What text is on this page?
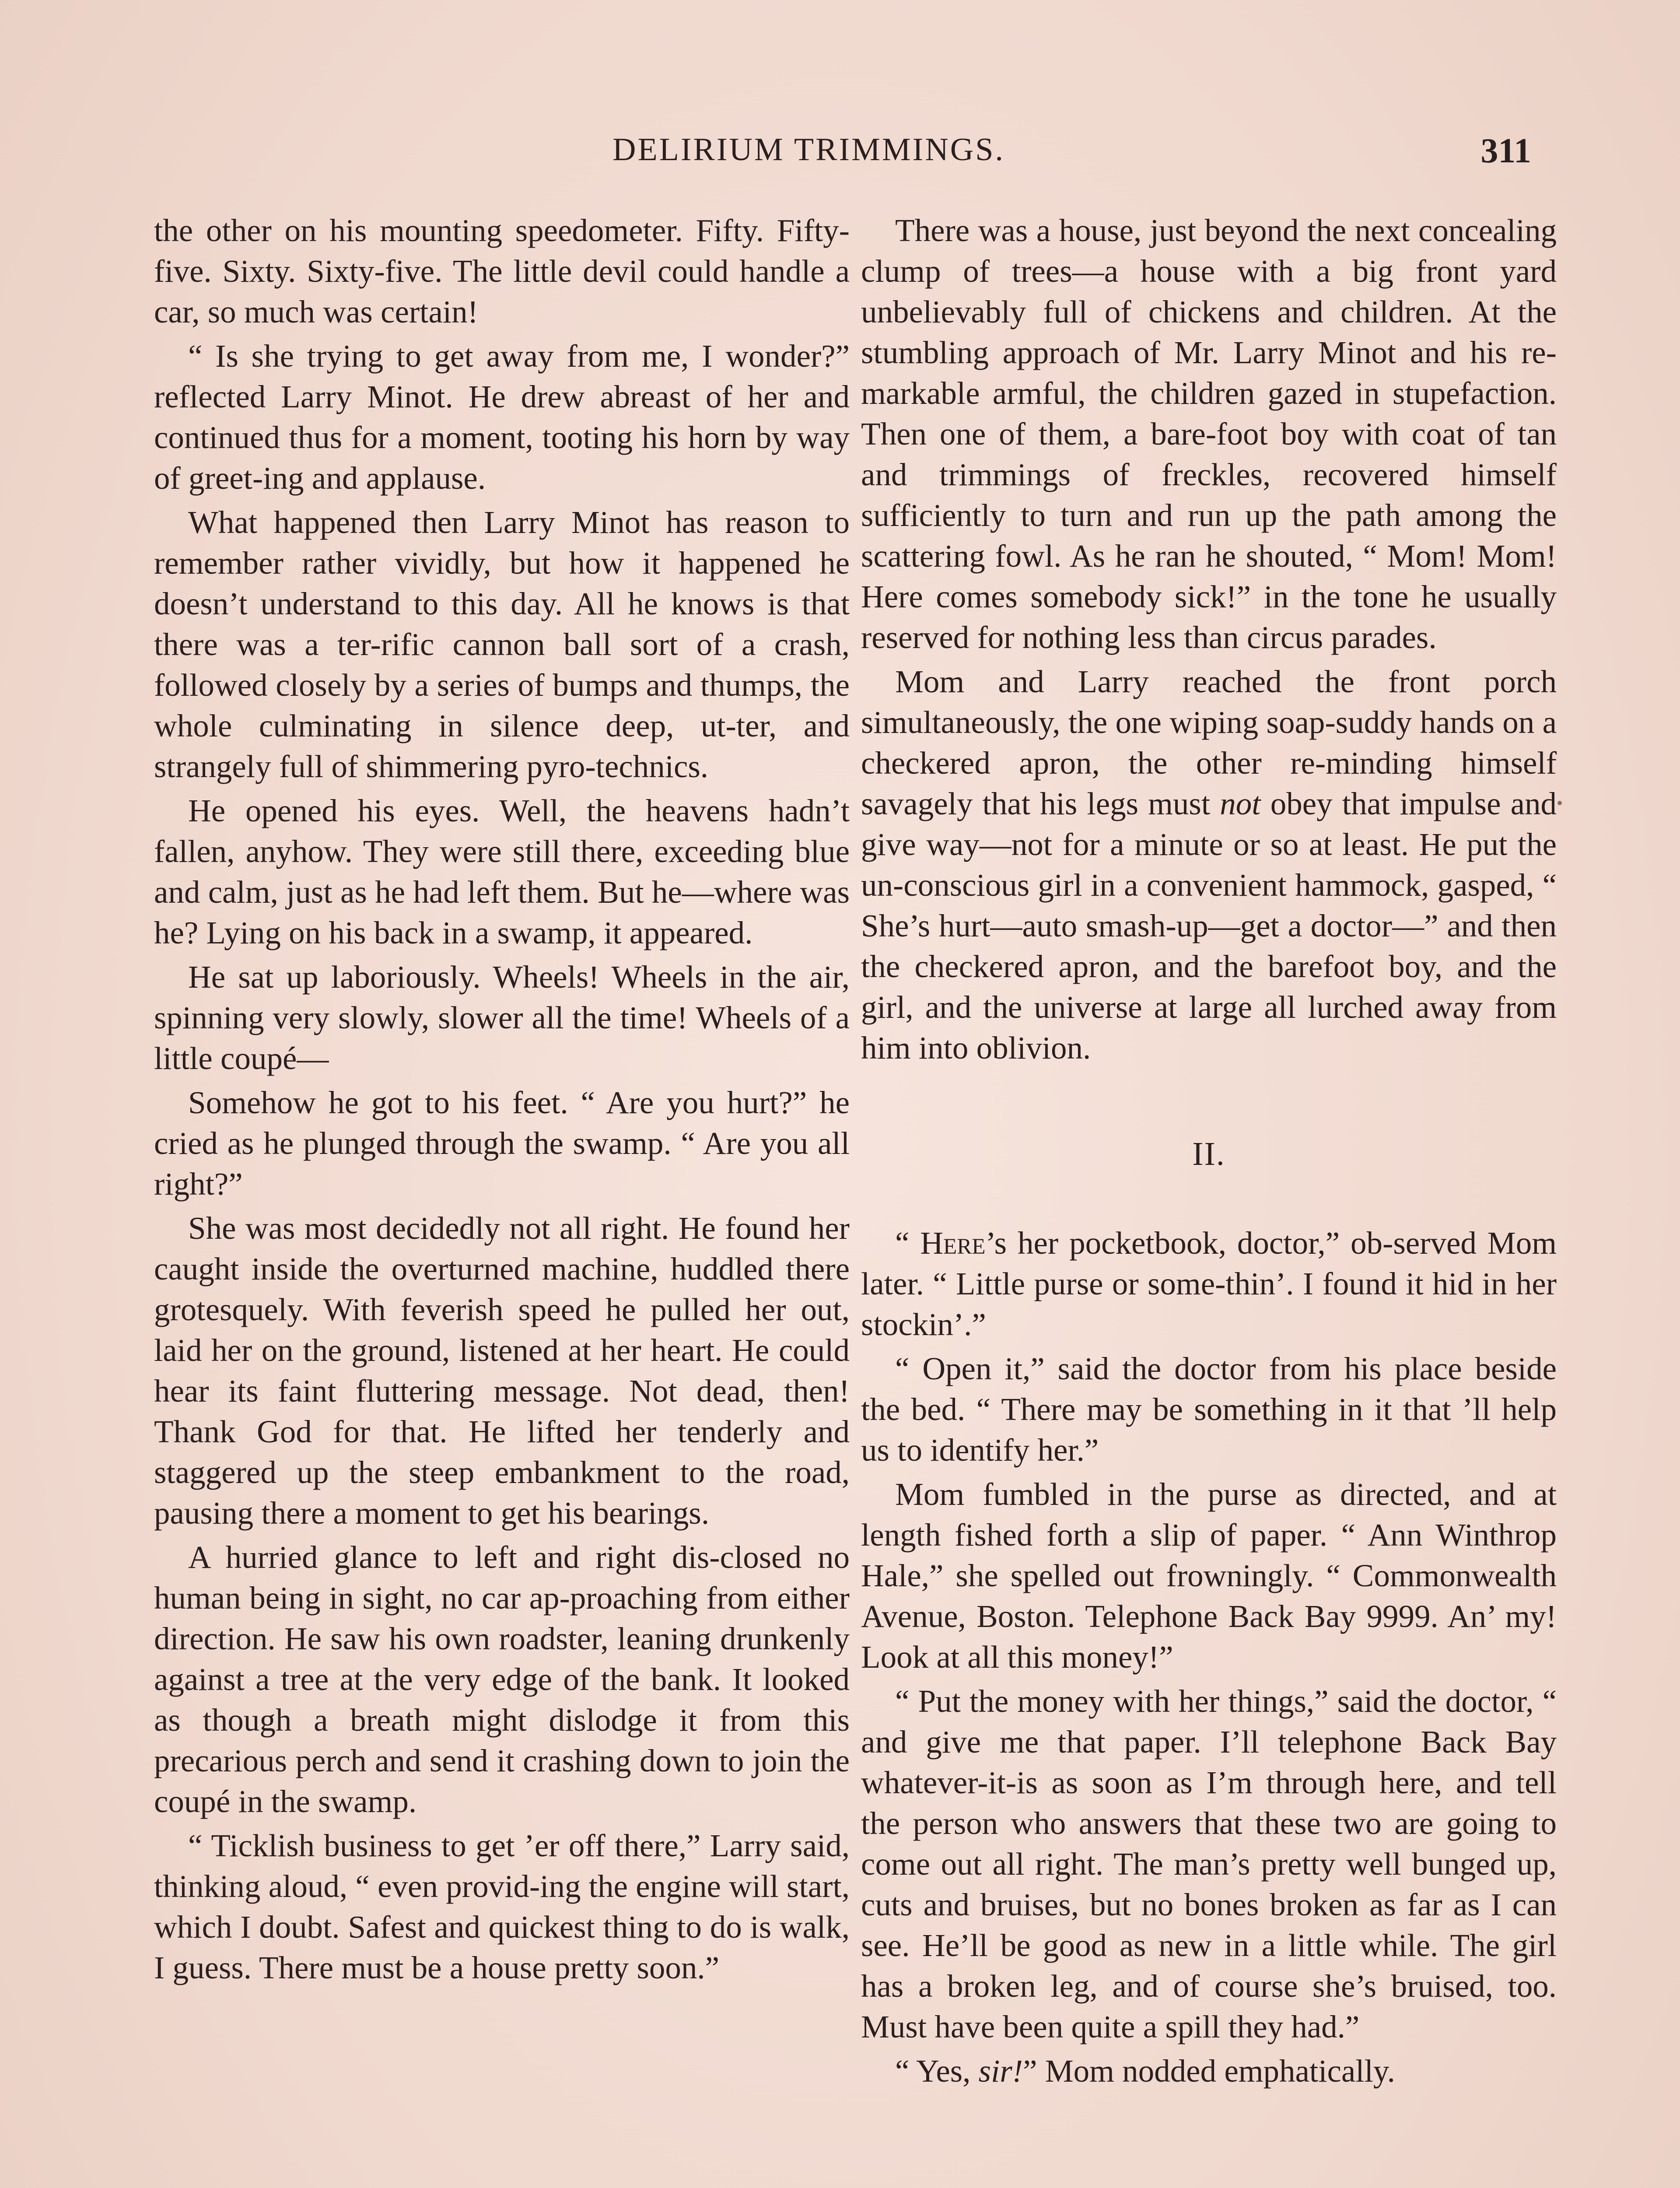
DELIRIUM TRIMMINGS.	311

the other on his mounting speedometer. Fifty. Fifty-five. Sixty. Sixty-five. The little devil could handle a car, so much was certain!

“ Is she trying to get away from me, I wonder?” reflected Larry Minot. He drew abreast of her and continued thus for a moment, tooting his horn by way of greet-ing and applause.

What happened then Larry Minot has reason to remember rather vividly, but how it happened he doesn’t understand to this day. All he knows is that there was a ter-rific cannon ball sort of a crash, followed closely by a series of bumps and thumps, the whole culminating in silence deep, ut-ter, and strangely full of shimmering pyro-technics.

He opened his eyes. Well, the heavens hadn’t fallen, anyhow. They were still there, exceeding blue and calm, just as he had left them. But he—where was he? Lying on his back in a swamp, it appeared.

He sat up laboriously. Wheels! Wheels in the air, spinning very slowly, slower all the time! Wheels of a little coupé—

Somehow he got to his feet. “ Are you hurt?” he cried as he plunged through the swamp. “ Are you all right?”

She was most decidedly not all right. He found her caught inside the overturned machine, huddled there grotesquely. With feverish speed he pulled her out, laid her on the ground, listened at her heart. He could hear its faint fluttering message. Not dead, then! Thank God for that. He lifted her tenderly and staggered up the steep embankment to the road, pausing there a moment to get his bearings.

A hurried glance to left and right dis-closed no human being in sight, no car ap-proaching from either direction. He saw his own roadster, leaning drunkenly against a tree at the very edge of the bank. It looked as though a breath might dislodge it from this precarious perch and send it crashing down to join the coupé in the swamp.

“ Ticklish business to get ’er off there,” Larry said, thinking aloud, “ even provid-ing the engine will start, which I doubt. Safest and quickest thing to do is walk, I guess. There must be a house pretty soon.”

There was a house, just beyond the next concealing clump of trees—a house with a big front yard unbelievably full of chickens and children. At the stumbling approach of Mr. Larry Minot and his re-markable armful, the children gazed in stupefaction. Then one of them, a bare-foot boy with coat of tan and trimmings of freckles, recovered himself sufficiently to turn and run up the path among the scattering fowl. As he ran he shouted, “ Mom! Mom! Here comes somebody sick!” in the tone he usually reserved for nothing less than circus parades.

Mom and Larry reached the front porch simultaneously, the one wiping soap-suddy hands on a checkered apron, the other re-minding himself savagely that his legs must not obey that impulse and give way—not for a minute or so at least. He put the un-conscious girl in a convenient hammock, gasped, “ She’s hurt—auto smash-up—get a doctor—” and then the checkered apron, and the barefoot boy, and the girl, and the universe at large all lurched away from him into oblivion.

II.

“ Here’s her pocketbook, doctor,” ob-served Mom later. “ Little purse or some-thin’. I found it hid in her stockin’.”

“ Open it,” said the doctor from his place beside the bed. “ There may be something in it that ’ll help us to identify her.”

Mom fumbled in the purse as directed, and at length fished forth a slip of paper. “ Ann Winthrop Hale,” she spelled out frowningly. “ Commonwealth Avenue, Boston. Telephone Back Bay 9999. An’ my! Look at all this money!”

“ Put the money with her things,” said the doctor, “ and give me that paper. I’ll telephone Back Bay whatever-it-is as soon as I’m through here, and tell the person who answers that these two are going to come out all right. The man’s pretty well bunged up, cuts and bruises, but no bones broken as far as I can see. He’ll be good as new in a little while. The girl has a broken leg, and of course she’s bruised, too. Must have been quite a spill they had.”

“ Yes, sir!” Mom nodded emphatically.
